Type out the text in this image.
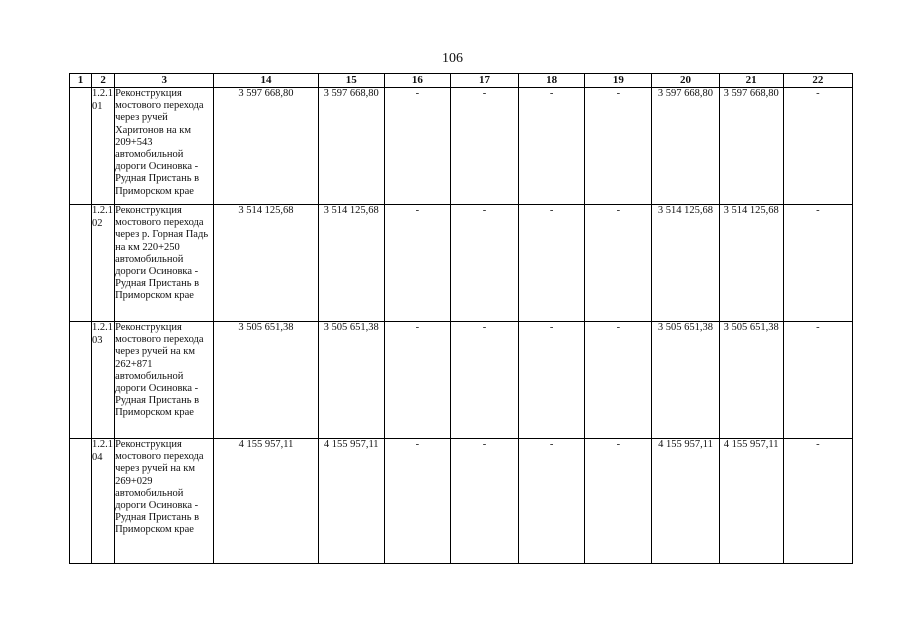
106
1	2	3	14	15	16	17	18	19	20	21	22
	1.2.1 01	Реконструкция мостового перехода через ручей Харитонов на км 209+543 автомобильной дороги Осиновка - Рудная Пристань в Приморском крае	3 597 668,80	3 597 668,80	-	-	-	-	3 597 668,80	3 597 668,80	-
	1.2.1 02	Реконструкция мостового перехода через р. Горная Падь на км 220+250 автомобильной дороги Осиновка - Рудная Пристань в Приморском крае	3 514 125,68	3 514 125,68	-	-	-	-	3 514 125,68	3 514 125,68	-
	1.2.1 03	Реконструкция мостового перехода через ручей на км 262+871 автомобильной дороги Осиновка - Рудная Пристань в Приморском крае	3 505 651,38	3 505 651,38	-	-	-	-	3 505 651,38	3 505 651,38	-
	1.2.1 04	Реконструкция мостового перехода через ручей на км 269+029 автомобильной дороги Осиновка - Рудная Пристань в Приморском крае	4 155 957,11	4 155 957,11	-	-	-	-	4 155 957,11	4 155 957,11	-
